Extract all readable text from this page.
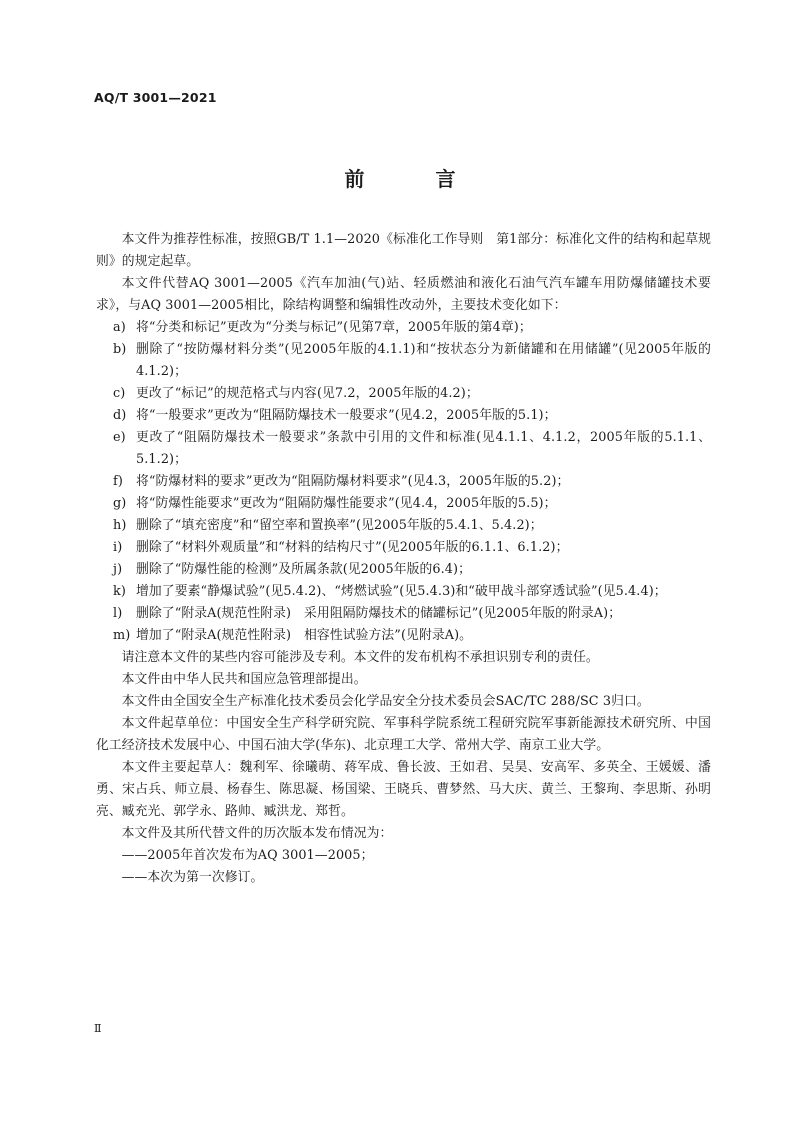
AQ/T 3001—2021
前 言

本文件为推荐性标准，按照GB/T 1.1—2020《标准化工作导则　第1部分：标准化文件的结构和起草规则》的规定起草。

本文件代替AQ 3001—2005《汽车加油(气)站、轻质燃油和液化石油气汽车罐车用防爆储罐技术要求》，与AQ 3001—2005相比，除结构调整和编辑性改动外，主要技术变化如下：

a) 将“分类和标记”更改为“分类与标记”(见第7章，2005年版的第4章)；

b) 删除了“按防爆材料分类”(见2005年版的4.1.1)和“按状态分为新储罐和在用储罐”(见2005年版的4.1.2)；

c) 更改了“标记”的规范格式与内容(见7.2，2005年版的4.2)；

d) 将“一般要求”更改为“阻隔防爆技术一般要求”(见4.2，2005年版的5.1)；

e) 更改了“阻隔防爆技术一般要求”条款中引用的文件和标准(见4.1.1、4.1.2，2005年版的5.1.1、5.1.2)；

f) 将“防爆材料的要求”更改为“阻隔防爆材料要求”(见4.3，2005年版的5.2)；

g) 将“防爆性能要求”更改为“阻隔防爆性能要求”(见4.4，2005年版的5.5)；

h) 删除了“填充密度”和“留空率和置换率”(见2005年版的5.4.1、5.4.2)；

i) 删除了“材料外观质量”和“材料的结构尺寸”(见2005年版的6.1.1、6.1.2)；

j) 删除了“防爆性能的检测”及所属条款(见2005年版的6.4)；

k) 增加了要素“静爆试验”(见5.4.2)、“烤燃试验”(见5.4.3)和“破甲战斗部穿透试验”(见5.4.4)；

l) 删除了“附录A(规范性附录)　采用阻隔防爆技术的储罐标记”(见2005年版的附录A)；

m) 增加了“附录A(规范性附录)　相容性试验方法”(见附录A)。

请注意本文件的某些内容可能涉及专利。本文件的发布机构不承担识别专利的责任。

本文件由中华人民共和国应急管理部提出。

本文件由全国安全生产标准化技术委员会化学品安全分技术委员会SAC/TC 288/SC 3归口。

本文件起草单位：中国安全生产科学研究院、军事科学院系统工程研究院军事新能源技术研究所、中国化工经济技术发展中心、中国石油大学(华东)、北京理工大学、常州大学、南京工业大学。

本文件主要起草人：魏利军、徐曦萌、蒋军成、鲁长波、王如君、吴昊、安高军、多英全、王媛媛、潘勇、宋占兵、师立晨、杨春生、陈思凝、杨国梁、王晓兵、曹梦然、马大庆、黄兰、王黎珣、李思斯、孙明亮、臧充光、郭学永、路帅、臧洪龙、郑哲。

本文件及其所代替文件的历次版本发布情况为：

——2005年首次发布为AQ 3001—2005；

——本次为第一次修订。

Ⅱ
